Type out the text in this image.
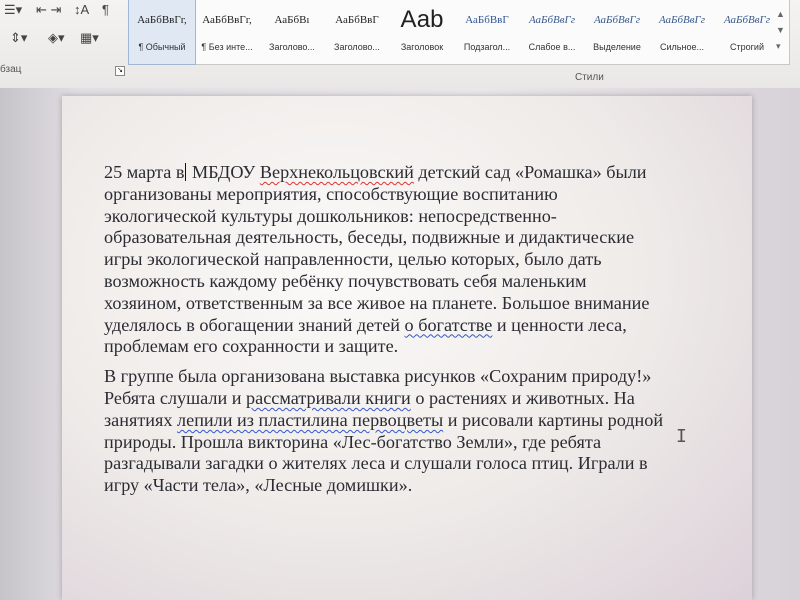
☰▾ ⇤ ⇥ ↕A ¶
⇕▾ ◈▾ ▦▾
бзац	↘
АаБбВвГг,
¶ Обычный
АаБбВвГг,
¶ Без инте...
АаБбВı
Заголово...
АаБбВвГ
Заголово...
Ааb
Заголовок
АаБбВвГ
Подзагол...
АаБбВвГг
Слабое в...
АаБбВвГг
Выделение
АаБбВвГг
Сильное...
АаБбВвГг
Строгий
▲
▼
▾
Стили

25 марта в МБДОУ Верхнекольцовский детский сад «Ромашка» были организованы мероприятия, способствующие воспитанию экологической культуры дошкольников: непосредственно-образовательная деятельность, беседы, подвижные и дидактические игры экологической направленности, целью которых, было дать возможность каждому ребёнку почувствовать себя маленьким хозяином, ответственным за все живое на планете. Большое внимание уделялось в обогащении знаний детей о богатстве и ценности леса, проблемам его сохранности и защите.

В группе была организована выставка рисунков «Сохраним природу!» Ребята слушали и рассматривали книги о растениях и животных. На занятиях лепили из пластилина первоцветы и рисовали картины родной природы. Прошла викторина «Лес-богатство Земли», где ребята разгадывали загадки о жителях леса и слушали голоса птиц. Играли в игру «Части тела», «Лесные домишки».

I
